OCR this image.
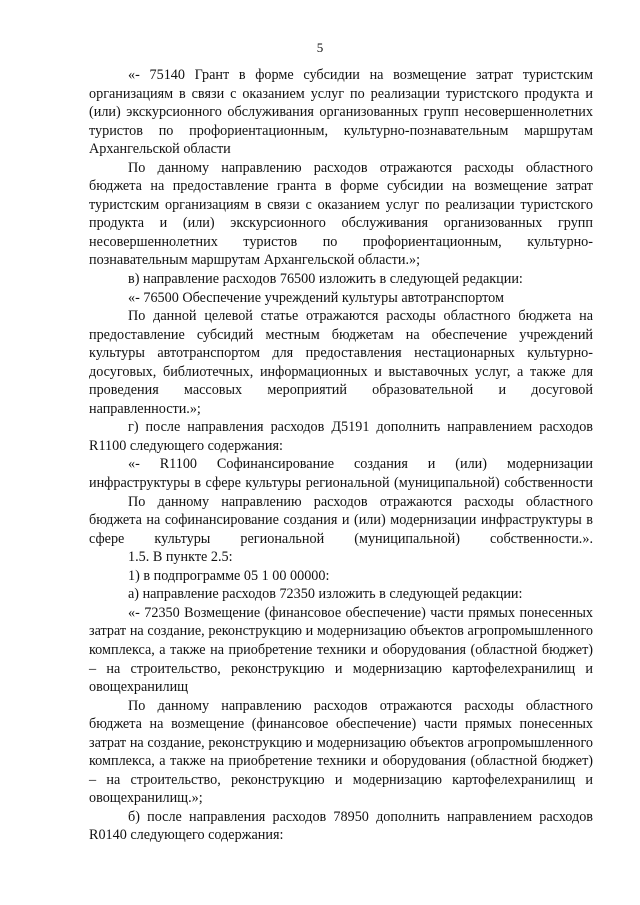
5

«- 75140 Грант в форме субсидии на возмещение затрат туристским организациям в связи с оказанием услуг по реализации туристского продукта и (или) экскурсионного обслуживания организованных групп несовершеннолетних туристов по профориентационным, культурно-познавательным маршрутам Архангельской области

По данному направлению расходов отражаются расходы областного бюджета на предоставление гранта в форме субсидии на возмещение затрат туристским организациям в связи с оказанием услуг по реализации туристского продукта и (или) экскурсионного обслуживания организованных групп несовершеннолетних туристов по профориентационным, культурно-познавательным маршрутам Архангельской области.»;

в) направление расходов 76500 изложить в следующей редакции:

«- 76500 Обеспечение учреждений культуры автотранспортом

По данной целевой статье отражаются расходы областного бюджета на предоставление субсидий местным бюджетам на обеспечение учреждений культуры автотранспортом для предоставления нестационарных культурно-досуговых, библиотечных, информационных и выставочных услуг, а также для проведения массовых мероприятий образовательной и досуговой направленности.»;

г) после направления расходов Д5191 дополнить направлением расходов R1100 следующего содержания:

«- R1100 Софинансирование создания и (или) модернизации инфраструктуры в сфере культуры региональной (муниципальной) собственности

По данному направлению расходов отражаются расходы областного бюджета на софинансирование создания и (или) модернизации инфраструктуры в сфере культуры региональной (муниципальной) собственности.».

1.5. В пункте 2.5:

1) в подпрограмме 05 1 00 00000:

а) направление расходов 72350 изложить в следующей редакции:

«- 72350 Возмещение (финансовое обеспечение) части прямых понесенных затрат на создание, реконструкцию и модернизацию объектов агропромышленного комплекса, а также на приобретение техники и оборудования (областной бюджет) – на строительство, реконструкцию и модернизацию картофелехранилищ и овощехранилищ

По данному направлению расходов отражаются расходы областного бюджета на возмещение (финансовое обеспечение) части прямых понесенных затрат на создание, реконструкцию и модернизацию объектов агропромышленного комплекса, а также на приобретение техники и оборудования (областной бюджет) – на строительство, реконструкцию и модернизацию картофелехранилищ и овощехранилищ.»;

б) после направления расходов 78950 дополнить направлением расходов R0140 следующего содержания:
